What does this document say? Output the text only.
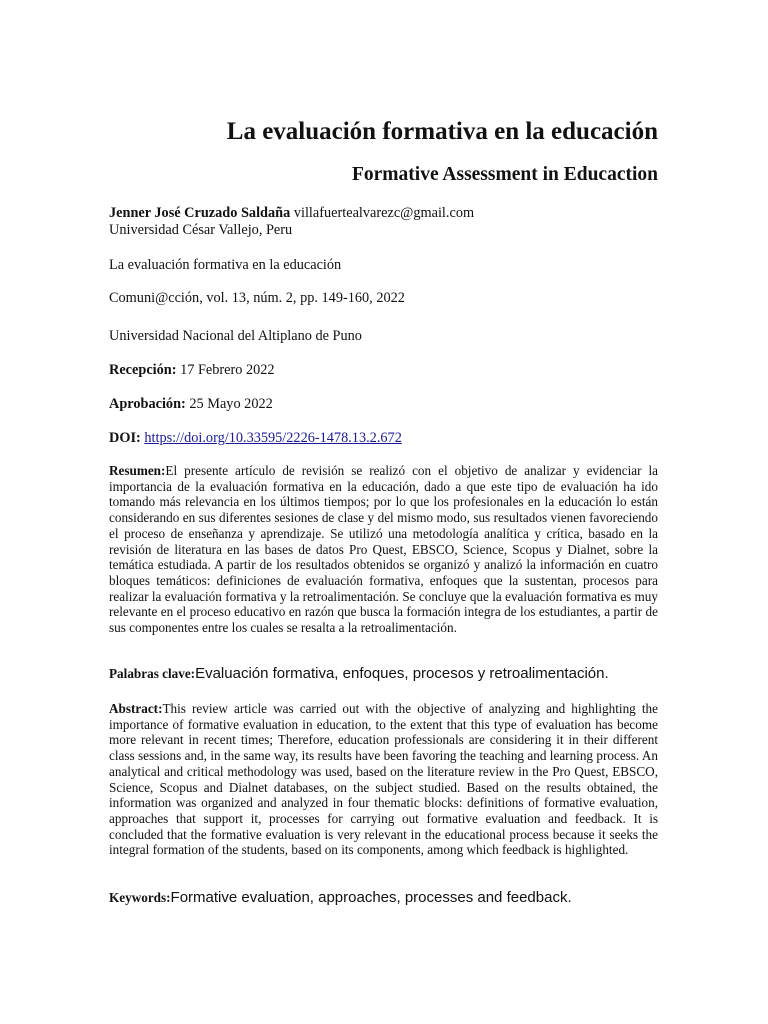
La evaluación formativa en la educación
Formative Assessment in Educaction

Jenner José Cruzado Saldaña villafuertealvarezc@gmail.com

Universidad César Vallejo, Peru

La evaluación formativa en la educación

Comuni@cción, vol. 13, núm. 2, pp. 149-160, 2022

Universidad Nacional del Altiplano de Puno

Recepción: 17 Febrero 2022

Aprobación: 25 Mayo 2022

DOI: https://doi.org/10.33595/2226-1478.13.2.672

Resumen:El presente artículo de revisión se realizó con el objetivo de analizar y evidenciar la importancia de la evaluación formativa en la educación, dado a que este tipo de evaluación ha ido tomando más relevancia en los últimos tiempos; por lo que los profesionales en la educación lo están considerando en sus diferentes sesiones de clase y del mismo modo, sus resultados vienen favoreciendo el proceso de enseñanza y aprendizaje. Se utilizó una metodología analítica y crítica, basado en la revisión de literatura en las bases de datos Pro Quest, EBSCO, Science, Scopus y Dialnet, sobre la temática estudiada. A partir de los resultados obtenidos se organizó y analizó la información en cuatro bloques temáticos: definiciones de evaluación formativa, enfoques que la sustentan, procesos para realizar la evaluación formativa y la retroalimentación. Se concluye que la evaluación formativa es muy relevante en el proceso educativo en razón que busca la formación integra de los estudiantes, a partir de sus componentes entre los cuales se resalta a la retroalimentación.

Palabras clave:Evaluación formativa, enfoques, procesos y retroalimentación.

Abstract:This review article was carried out with the objective of analyzing and highlighting the importance of formative evaluation in education, to the extent that this type of evaluation has become more relevant in recent times; Therefore, education professionals are considering it in their different class sessions and, in the same way, its results have been favoring the teaching and learning process. An analytical and critical methodology was used, based on the literature review in the Pro Quest, EBSCO, Science, Scopus and Dialnet databases, on the subject studied. Based on the results obtained, the information was organized and analyzed in four thematic blocks: definitions of formative evaluation, approaches that support it, processes for carrying out formative evaluation and feedback. It is concluded that the formative evaluation is very relevant in the educational process because it seeks the integral formation of the students, based on its components, among which feedback is highlighted.

Keywords:Formative evaluation, approaches, processes and feedback.
